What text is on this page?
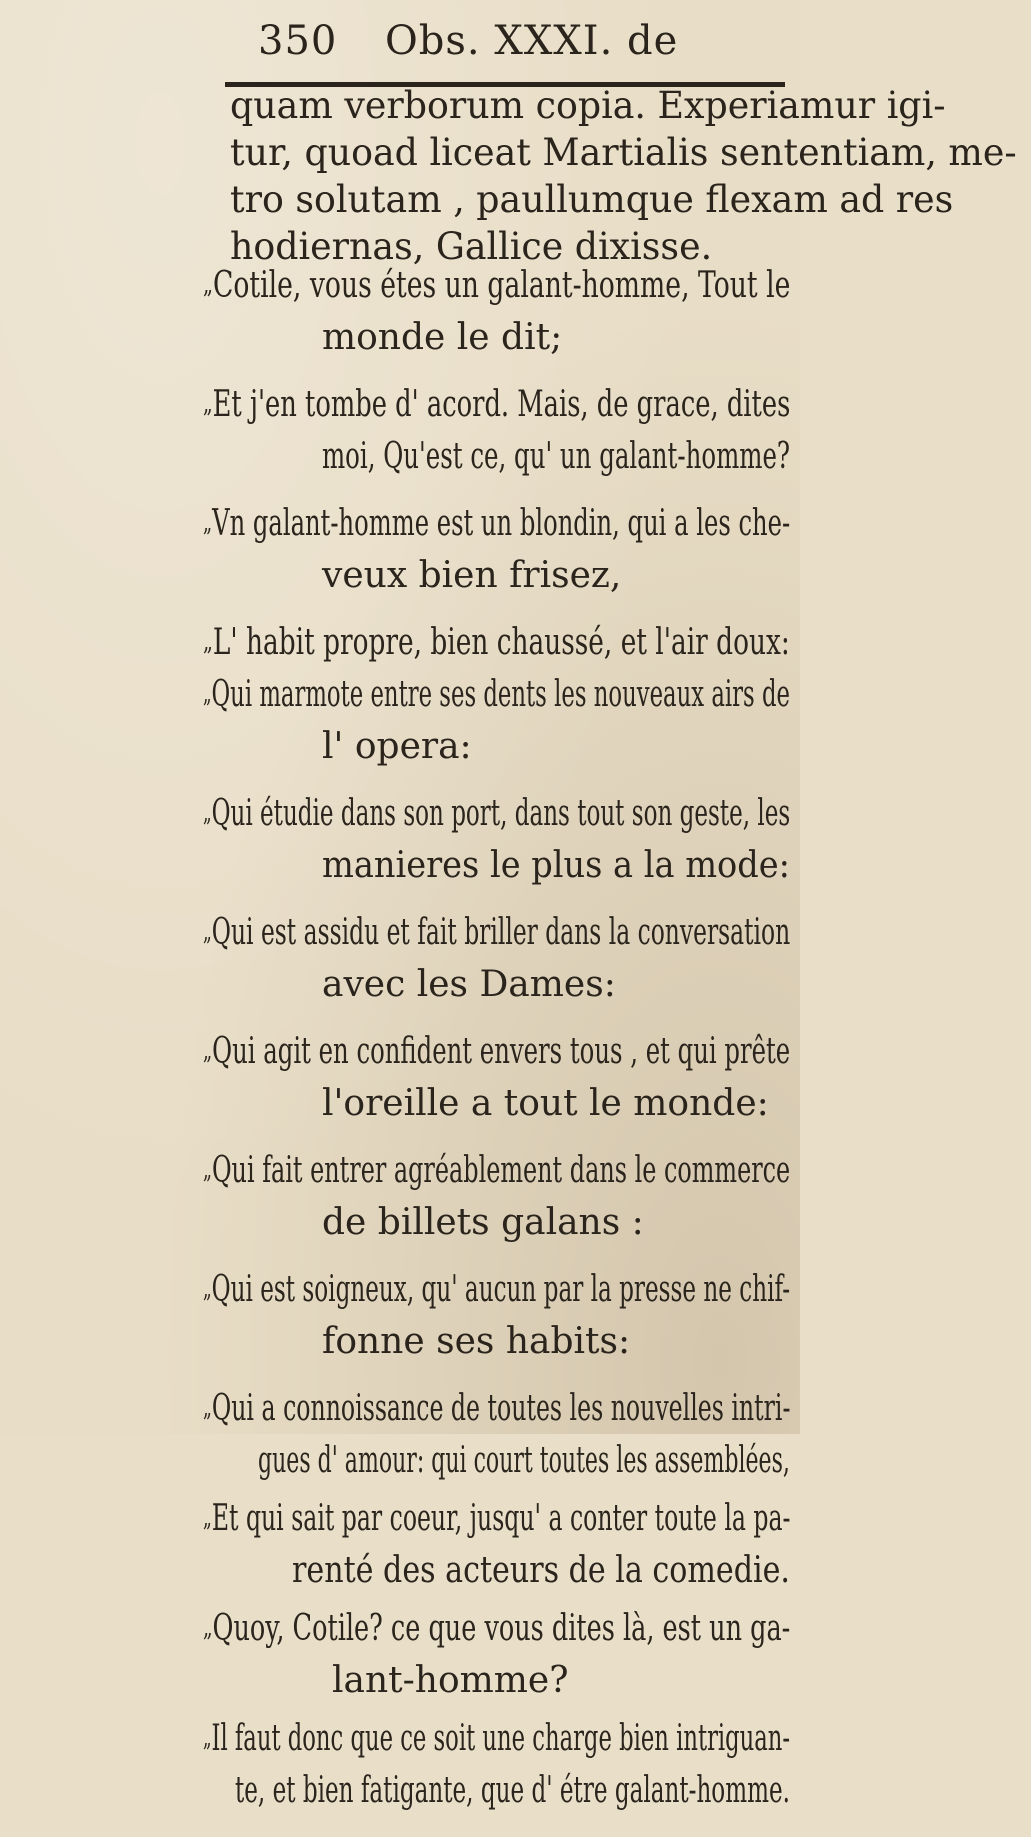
350 Obs. XXXI. de
quam verborum copia. Experiamur igi- tur, quoad liceat Martialis sententiam, me- tro solutam , paullumque flexam ad res hodiernas, Gallice dixisse.
„Cotile, vous étes un galant-homme, Tout le
monde le dit;
„Et j'en tombe d' acord. Mais, de grace, dites
moi, Qu'est ce, qu' un galant-homme?
„Vn galant-homme est un blondin, qui a les che-
veux bien frisez,
„L' habit propre, bien chaussé, et l'air doux:
„Qui marmote entre ses dents les nouveaux airs de
l' opera:
„Qui étudie dans son port, dans tout son geste, les
manieres le plus a la mode:
„Qui est assidu et fait briller dans la conversation
avec les Dames:
„Qui agit en confident envers tous , et qui prête
l'oreille a tout le monde:
„Qui fait entrer agréablement dans le commerce
de billets galans :
„Qui est soigneux, qu' aucun par la presse ne chif-
fonne ses habits:
„Qui a connoissance de toutes les nouvelles intri-
gues d' amour: qui court toutes les assemblées,
„Et qui sait par coeur, jusqu' a conter toute la pa-
renté des acteurs de la comedie.
„Quoy, Cotile? ce que vous dites là, est un ga-
lant-homme?
„Il faut donc que ce soit une charge bien intriguan-
te, et bien fatigante, que d' étre galant-homme.
